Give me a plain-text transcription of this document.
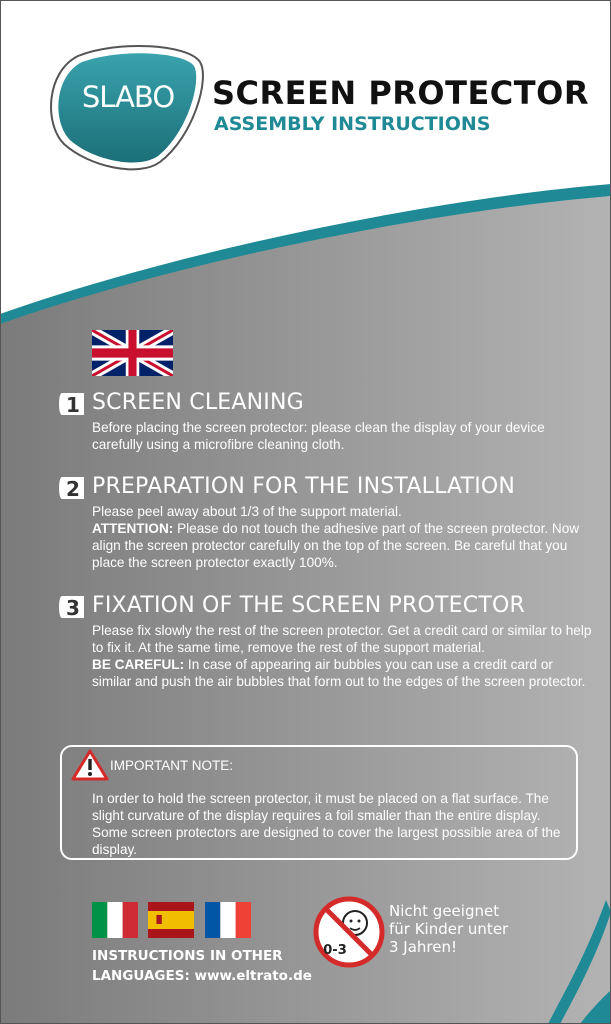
SLABO	SCREEN PROTECTOR
ASSEMBLY INSTRUCTIONS
1 SCREEN CLEANING
Before placing the screen protector: please clean the display of your device carefully using a microfibre cleaning cloth.
2 PREPARATION FOR THE INSTALLATION
Please peel away about 1/3 of the support material.
ATTENTION: Please do not touch the adhesive part of the screen protector. Now align the screen protector carefully on the top of the screen. Be careful that you place the screen protector exactly 100%.
3 FIXATION OF THE SCREEN PROTECTOR
Please fix slowly the rest of the screen protector. Get a credit card or similar to help to fix it. At the same time, remove the rest of the support material.
BE CAREFUL: In case of appearing air bubbles you can use a credit card or similar and push the air bubbles that form out to the edges of the screen protector.
IMPORTANT NOTE:
In order to hold the screen protector, it must be placed on a flat surface. The slight curvature of the display requires a foil smaller than the entire display. Some screen protectors are designed to cover the largest possible area of the display.
INSTRUCTIONS IN OTHER
LANGUAGES: www.eltrato.de
0-3
Nicht geeignet
für Kinder unter
3 Jahren!
